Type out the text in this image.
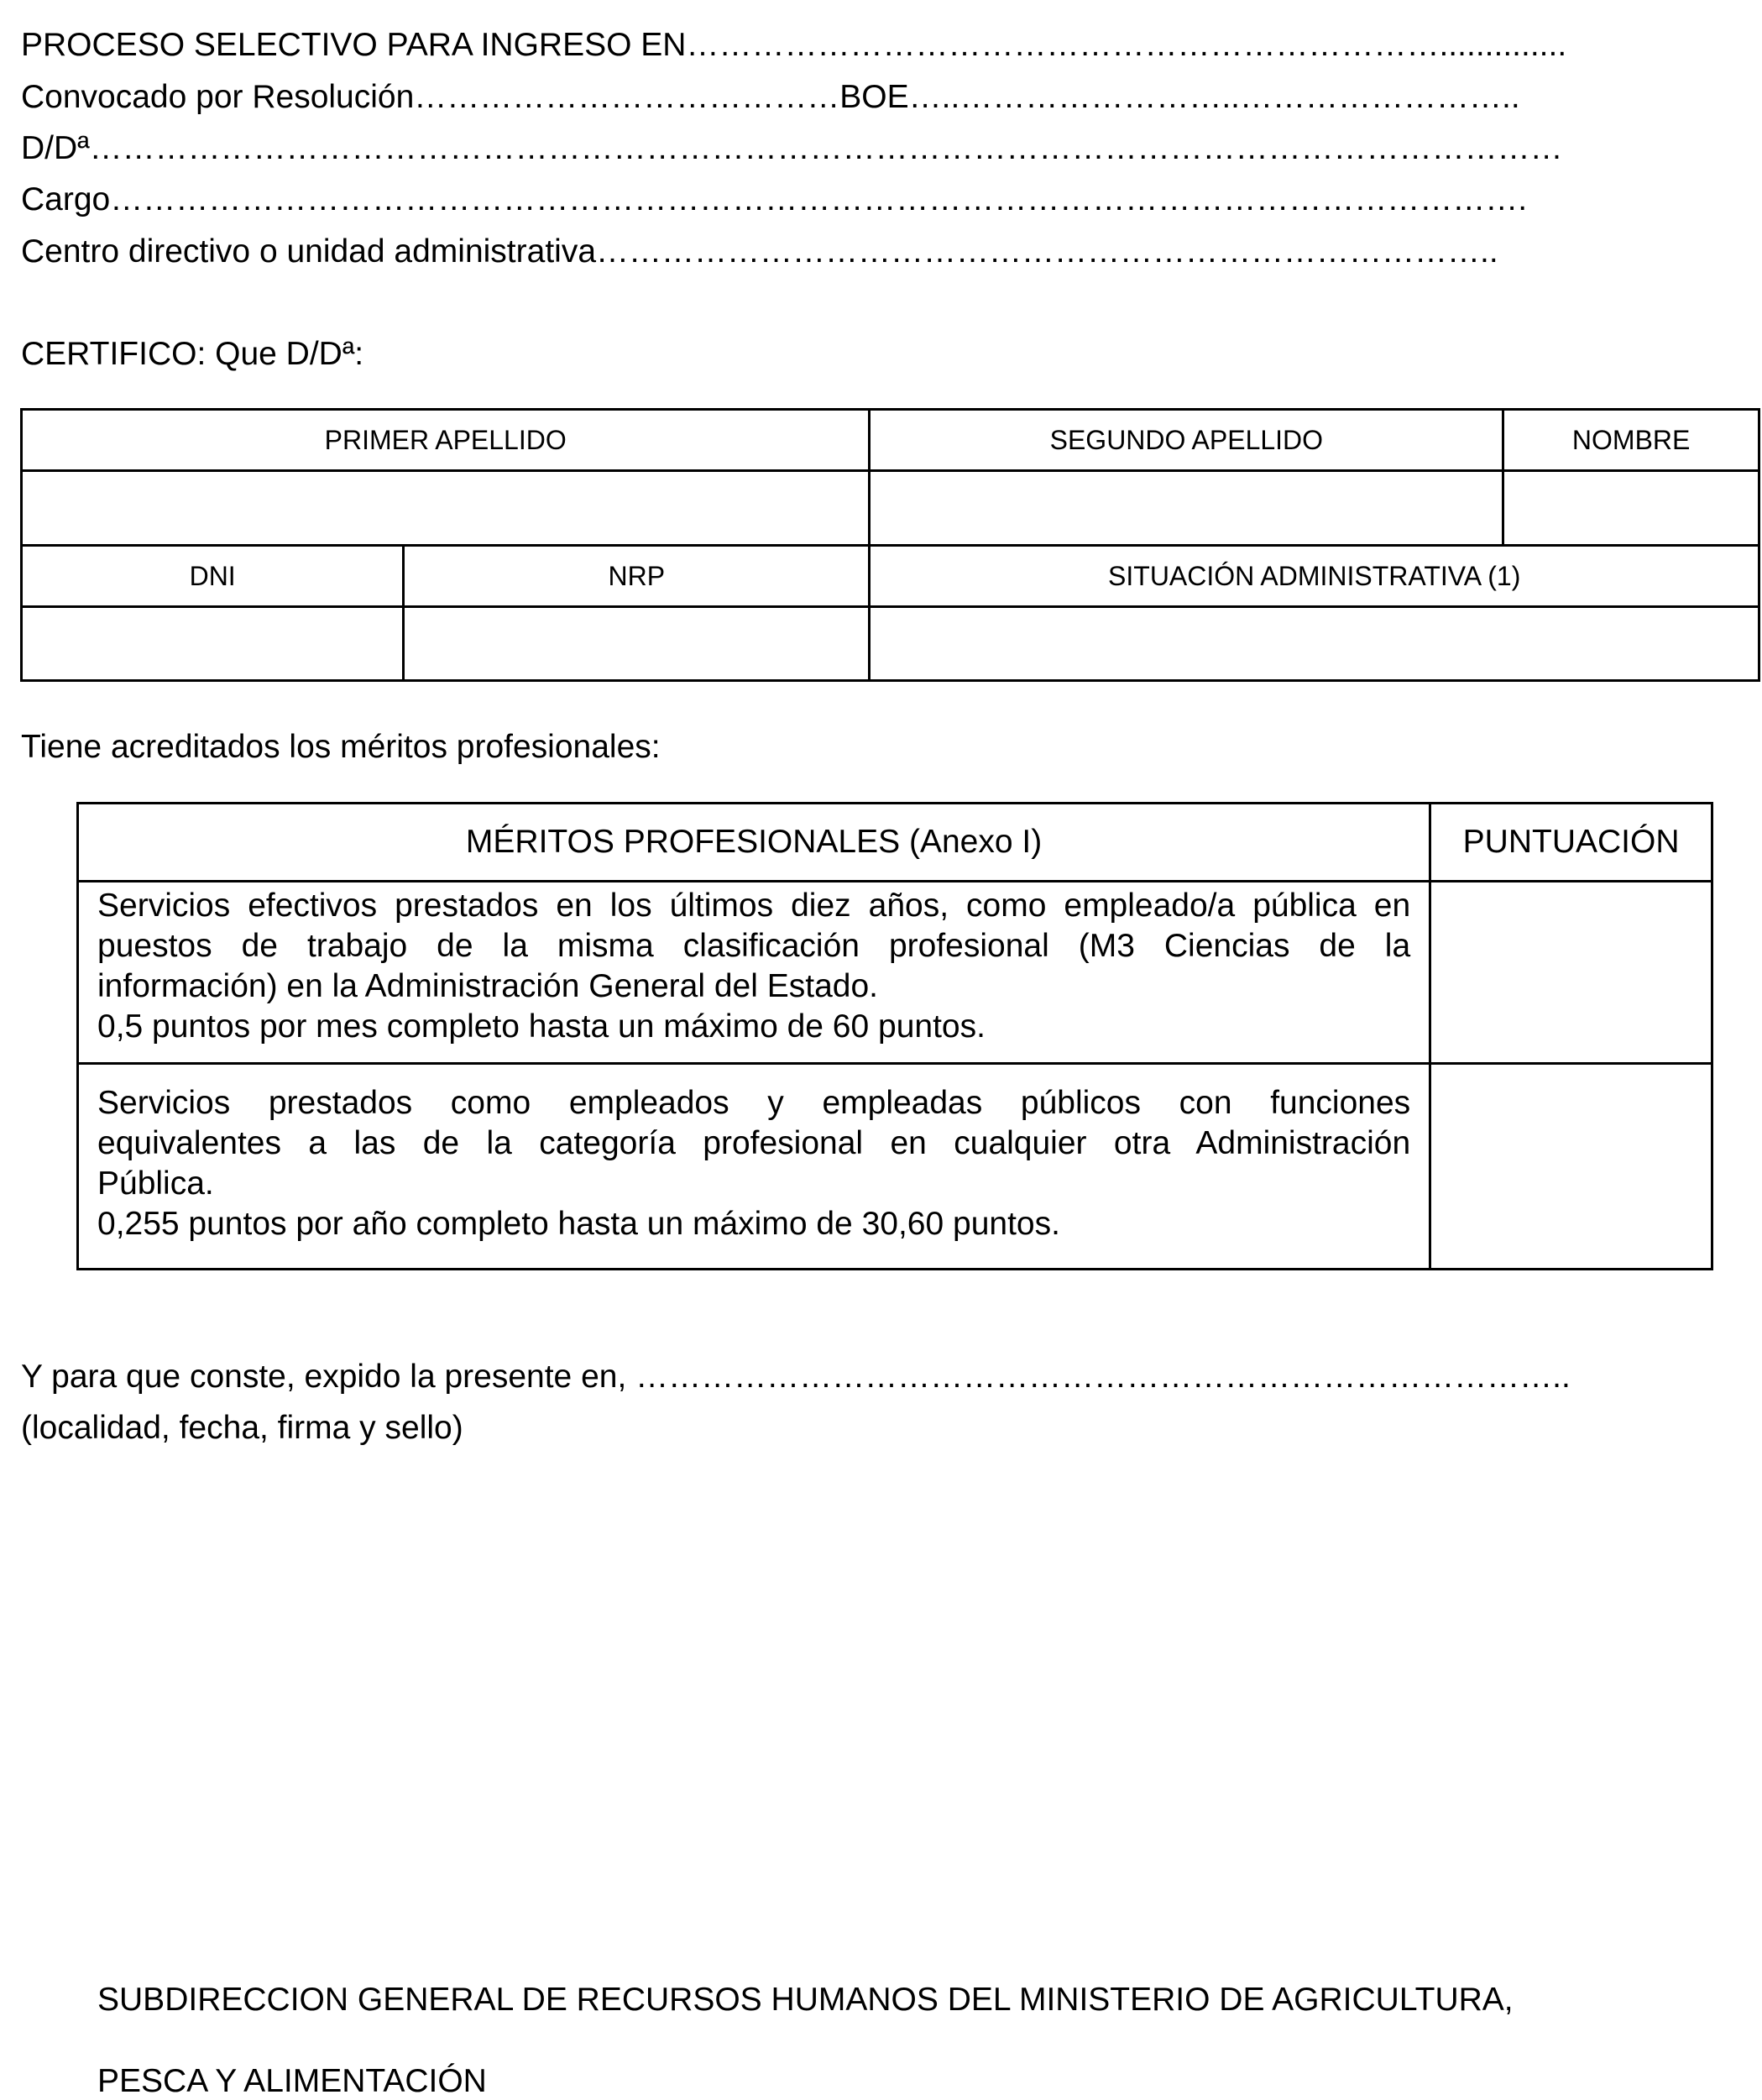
PROCESO SELECTIVO PARA INGRESO EN……………………………………………………………..............
Convocado por Resolución…………………………………BOE…..……………………..……………………..
D/Dª………………………………………………………………………………………………………………………
Cargo………………………………………………………………………………………………………………….
Centro directivo o unidad administrativa………………………………………………………………………..
CERTIFICO: Que D/Dª:
PRIMER APELLIDO		SEGUNDO APELLIDO	NOMBRE

DNI	NRP	SITUACIÓN ADMINISTRATIVA (1)	

Tiene acreditados los méritos profesionales:
MÉRITOS PROFESIONALES (Anexo I)	PUNTUACIÓN

Servicios efectivos prestados en los últimos diez años, como empleado/a pública en
puestos de trabajo de la misma clasificación profesional (M3 Ciencias de la
información) en la Administración General del Estado.
0,5 puntos por mes completo hasta un máximo de 60 puntos.	

Servicios prestados como empleados y empleadas públicos con funciones
equivalentes a las de la categoría profesional en cualquier otra Administración
Pública.
0,255 puntos por año completo hasta un máximo de 30,60 puntos.	

Y para que conste, expido la presente en, …………………………………………………………………………..
(localidad, fecha, firma y sello)
SUBDIRECCION GENERAL DE RECURSOS HUMANOS DEL MINISTERIO DE AGRICULTURA,
PESCA Y ALIMENTACIÓN
